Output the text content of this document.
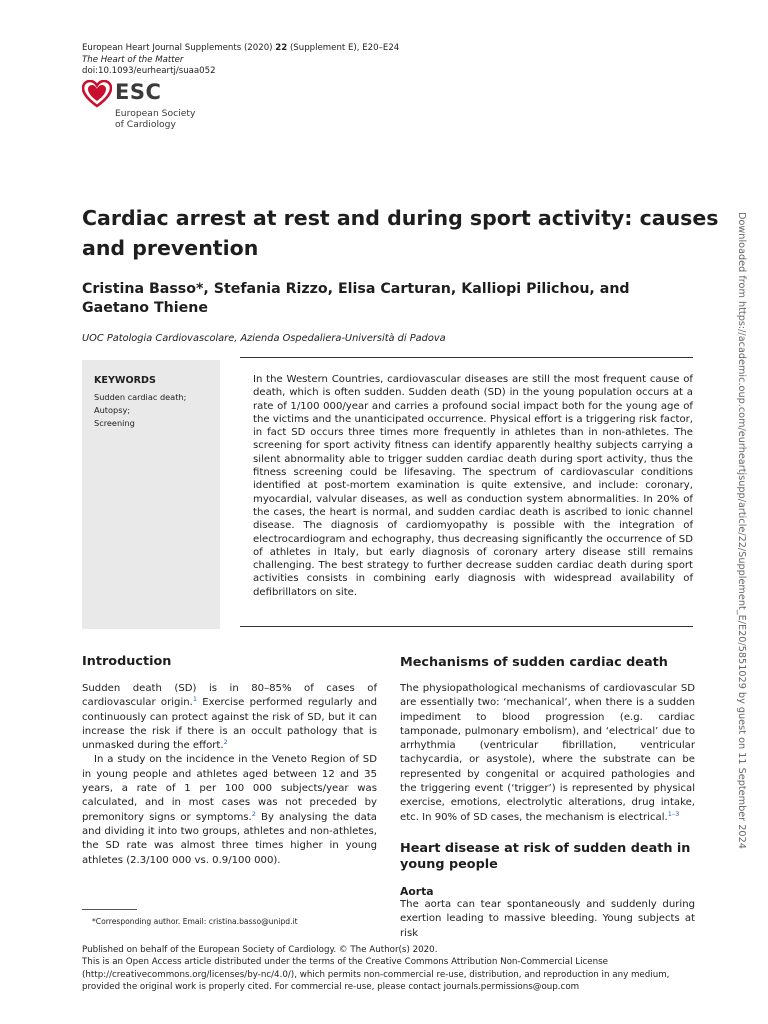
European Heart Journal Supplements (2020) 22 (Supplement E), E20–E24
The Heart of the Matter
doi:10.1093/eurheartj/suaa052
ESC
European Society
of Cardiology
Cardiac arrest at rest and during sport activity: causes and prevention
Cristina Basso*, Stefania Rizzo, Elisa Carturan, Kalliopi Pilichou, and Gaetano Thiene
UOC Patologia Cardiovascolare, Azienda Ospedaliera-Università di Padova
KEYWORDS
Sudden cardiac death;
Autopsy;
Screening
In the Western Countries, cardiovascular diseases are still the most frequent cause of death, which is often sudden. Sudden death (SD) in the young population occurs at a rate of 1/100 000/year and carries a profound social impact both for the young age of the victims and the unanticipated occurrence. Physical effort is a triggering risk factor, in fact SD occurs three times more frequently in athletes than in non-athletes. The screening for sport activity fitness can identify apparently healthy subjects carrying a silent abnormality able to trigger sudden cardiac death during sport activity, thus the fitness screening could be lifesaving. The spectrum of cardiovascular conditions identified at post-mortem examination is quite extensive, and include: coronary, myocardial, valvular diseases, as well as conduction system abnormalities. In 20% of the cases, the heart is normal, and sudden cardiac death is ascribed to ionic channel disease. The diagnosis of cardiomyopathy is possible with the integration of electrocardiogram and echography, thus decreasing significantly the occurrence of SD of athletes in Italy, but early diagnosis of coronary artery disease still remains challenging. The best strategy to further decrease sudden cardiac death during sport activities consists in combining early diagnosis with widespread availability of defibrillators on site.
Introduction

Sudden death (SD) is in 80–85% of cases of cardiovascular origin.$^1$ Exercise performed regularly and continuously can protect against the risk of SD, but it can increase the risk if there is an occult pathology that is unmasked during the effort.$^2$

In a study on the incidence in the Veneto Region of SD in young people and athletes aged between 12 and 35 years, a rate of 1 per 100 000 subjects/year was calculated, and in most cases was not preceded by premonitory signs or symptoms.$^2$ By analysing the data and dividing it into two groups, athletes and non-athletes, the SD rate was almost three times higher in young athletes (2.3/100 000 vs. 0.9/100 000).

Mechanisms of sudden cardiac death

The physiopathological mechanisms of cardiovascular SD are essentially two: ‘mechanical’, when there is a sudden impediment to blood progression (e.g. cardiac tamponade, pulmonary embolism), and ‘electrical’ due to arrhythmia (ventricular fibrillation, ventricular tachycardia, or asystole), where the substrate can be represented by congenital or acquired pathologies and the triggering event (‘trigger’) is represented by physical exercise, emotions, electrolytic alterations, drug intake, etc. In 90% of SD cases, the mechanism is electrical.$^{1-3}$

Heart disease at risk of sudden death in young people
Aorta
The aorta can tear spontaneously and suddenly during exertion leading to massive bleeding. Young subjects at risk
*Corresponding author. Email: cristina.basso@unipd.it
Published on behalf of the European Society of Cardiology. © The Author(s) 2020.
This is an Open Access article distributed under the terms of the Creative Commons Attribution Non-Commercial License (http://creativecommons.org/licenses/by-nc/4.0/), which permits non-commercial re-use, distribution, and reproduction in any medium, provided the original work is properly cited. For commercial re-use, please contact journals.permissions@oup.com
Downloaded from https://academic.oup.com/eurheartjsupp/article/22/Supplement_E/E20/5851029 by guest on 11 September 2024
